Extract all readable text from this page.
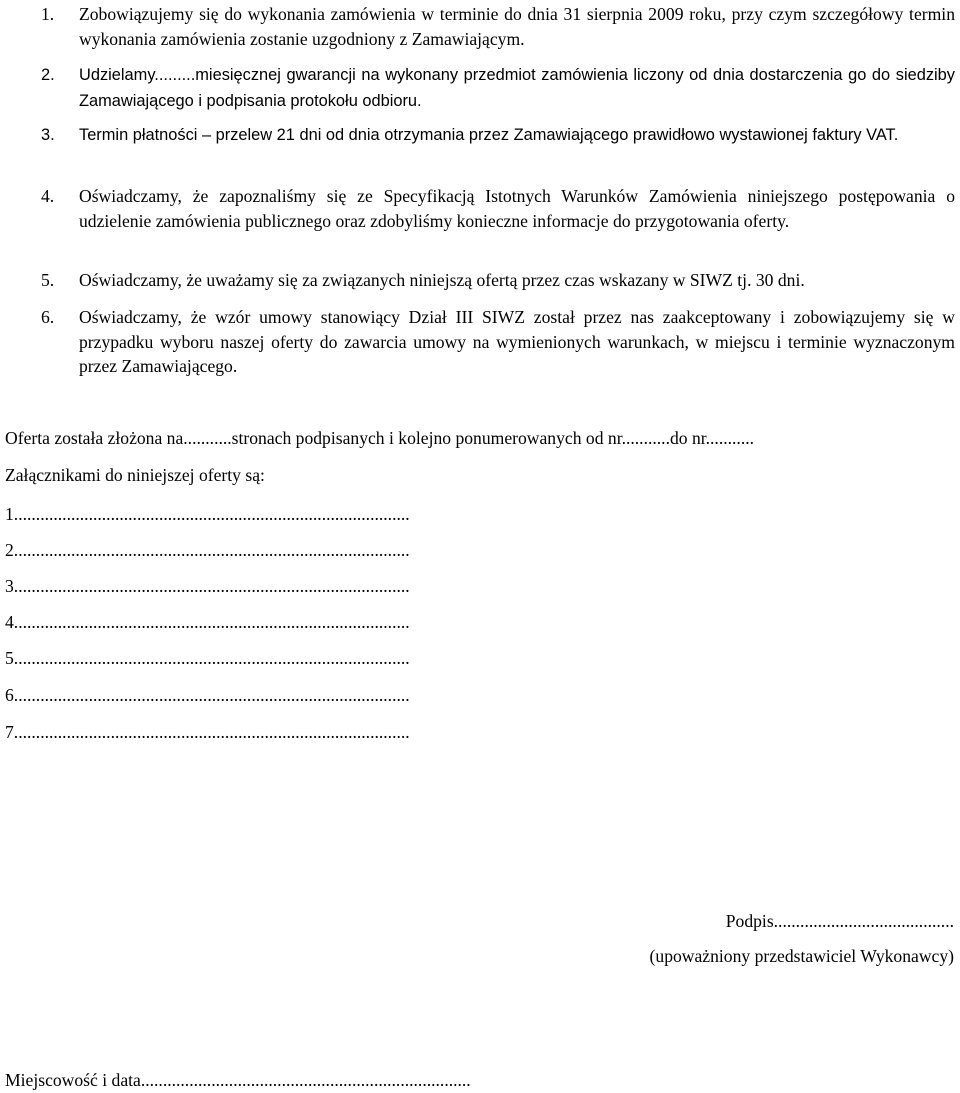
1. Zobowiązujemy się do wykonania zamówienia w terminie do dnia 31 sierpnia 2009 roku, przy czym szczegółowy termin wykonania zamówienia zostanie uzgodniony z Zamawiającym.
2. Udzielamy.........miesięcznej gwarancji na wykonany przedmiot zamówienia liczony od dnia dostarczenia go do siedziby Zamawiającego i podpisania protokołu odbioru.
3. Termin płatności – przelew 21 dni od dnia otrzymania przez Zamawiającego prawidłowo wystawionej faktury VAT.
4. Oświadczamy, że zapoznaliśmy się ze Specyfikacją Istotnych Warunków Zamówienia niniejszego postępowania o udzielenie zamówienia publicznego oraz zdobyliśmy konieczne informacje do przygotowania oferty.
5. Oświadczamy, że uważamy się za związanych niniejszą ofertą przez czas wskazany w SIWZ tj. 30 dni.
6. Oświadczamy, że wzór umowy stanowiący Dział III SIWZ został przez nas zaakceptowany i zobowiązujemy się w przypadku wyboru naszej oferty do zawarcia umowy na wymienionych warunkach, w miejscu i terminie wyznaczonym przez Zamawiającego.
Oferta została złożona na...........stronach podpisanych i kolejno ponumerowanych od nr...........do nr...........
Załącznikami do niniejszej oferty są:
1..........................................................................................
2..........................................................................................
3..........................................................................................
4..........................................................................................
5..........................................................................................
6..........................................................................................
7..........................................................................................
Podpis.........................................
(upoważniony przedstawiciel Wykonawcy)
Miejscowość i data...........................................................................
